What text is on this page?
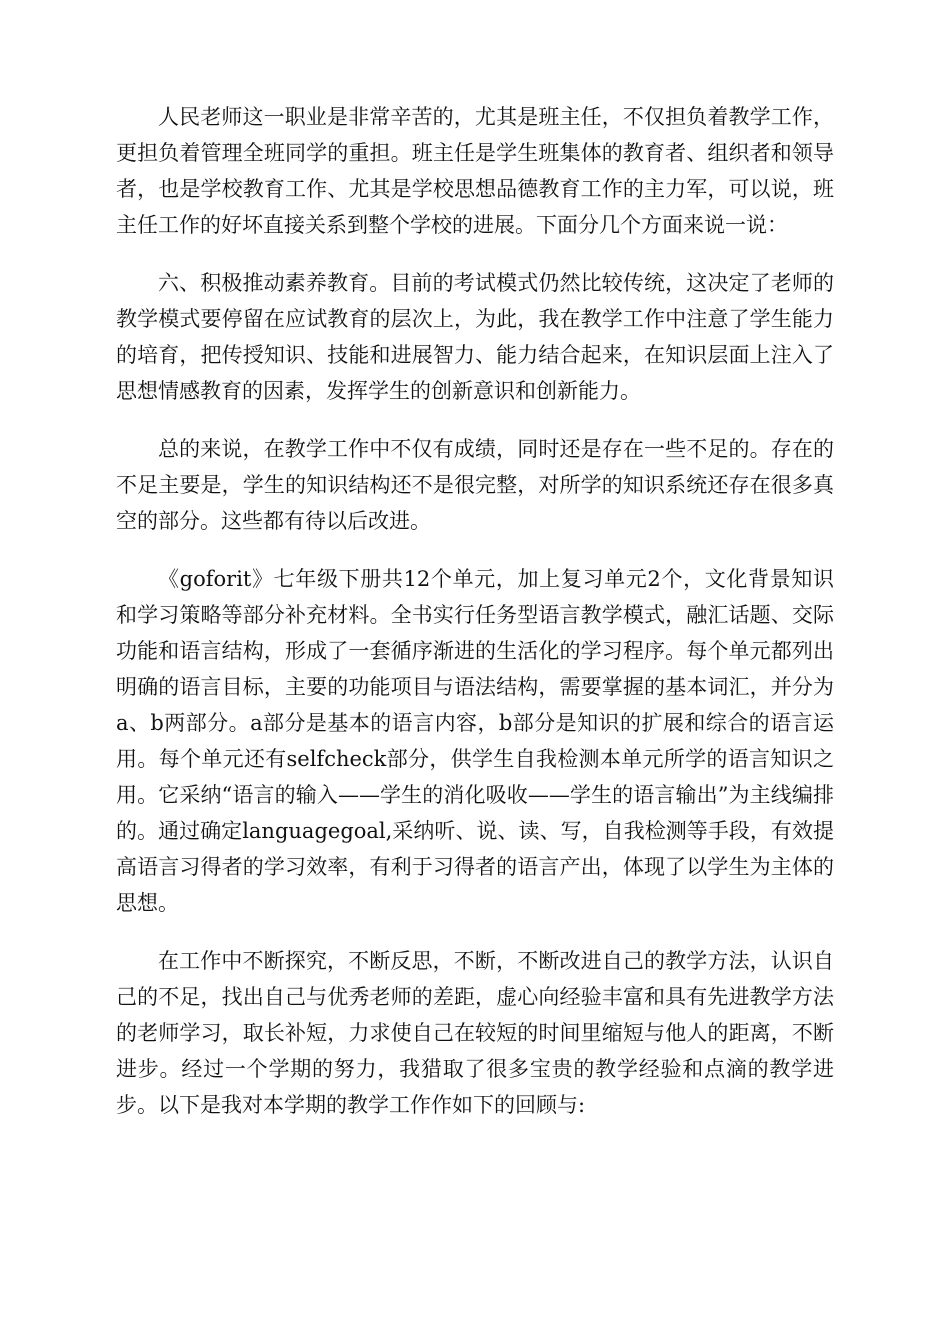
人民老师这一职业是非常辛苦的，尤其是班主任，不仅担负着教学工作，更担负着管理全班同学的重担。班主任是学生班集体的教育者、组织者和领导者，也是学校教育工作、尤其是学校思想品德教育工作的主力军，可以说，班主任工作的好坏直接关系到整个学校的进展。下面分几个方面来说一说：

六、积极推动素养教育。目前的考试模式仍然比较传统，这决定了老师的教学模式要停留在应试教育的层次上，为此，我在教学工作中注意了学生能力的培育，把传授知识、技能和进展智力、能力结合起来，在知识层面上注入了思想情感教育的因素，发挥学生的创新意识和创新能力。

总的来说，在教学工作中不仅有成绩，同时还是存在一些不足的。存在的不足主要是，学生的知识结构还不是很完整，对所学的知识系统还存在很多真空的部分。这些都有待以后改进。

《goforit》七年级下册共12个单元，加上复习单元2个，文化背景知识和学习策略等部分补充材料。全书实行任务型语言教学模式，融汇话题、交际功能和语言结构，形成了一套循序渐进的生活化的学习程序。每个单元都列出明确的语言目标，主要的功能项目与语法结构，需要掌握的基本词汇，并分为a、b两部分。a部分是基本的语言内容，b部分是知识的扩展和综合的语言运用。每个单元还有selfcheck部分，供学生自我检测本单元所学的语言知识之用。它采纳“语言的输入——学生的消化吸收——学生的语言输出”为主线编排的。通过确定languagegoal,采纳听、说、读、写，自我检测等手段，有效提高语言习得者的学习效率，有利于习得者的语言产出，体现了以学生为主体的思想。

在工作中不断探究，不断反思，不断，不断改进自己的教学方法，认识自己的不足，找出自己与优秀老师的差距，虚心向经验丰富和具有先进教学方法的老师学习，取长补短，力求使自己在较短的时间里缩短与他人的距离，不断进步。经过一个学期的努力，我猎取了很多宝贵的教学经验和点滴的教学进步。以下是我对本学期的教学工作作如下的回顾与:
